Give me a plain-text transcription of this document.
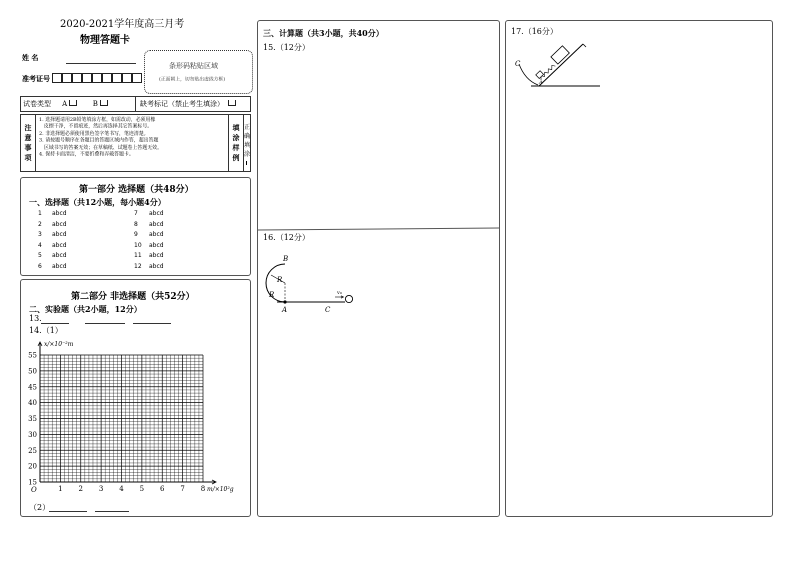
2020-2021学年度高三月考
物理答题卡
姓 名
准考证号
条形码粘贴区域
(正面朝上，切勿贴出虚线方框)
试卷类型 A	B	缺考标记（禁止考生填涂）
注意事项

1. 选择题请用2B铅笔填涂方框，如需改动，必须用橡
皮擦干净，不留痕迹，然后再选择其它答案标号。
2. 非选择题必须使用黑色签字笔书写，笔迹清楚。
3. 请按题号顺序在各题目的答题区域内作答，超出答题
区域书写的答案无效；在草稿纸、试题卷上答题无效。
4. 保持卡面清洁，不要折叠和弄破答题卡。

填涂样例

正确填涂
第一部分 选择题（共48分）
一、选择题（共12小题，每小题4分）
1 abcd
2 abcd
3 abcd
4 abcd
5 abcd
6 abcd
7 abcd
8 abcd
9 abcd
10 abcd
11 abcd
12 abcd
第二部分 非选择题（共52分）
二、实验题（共2小题，12分）
13.
14.（1）
（2）
15
20
25
30
35
40
45
50
55
1 2 3 4 5 6 7 8
O
x/×10⁻²m
m/×10²g
三、计算题（共3小题，共40分）
15.（12分）
16.（12分）
B
R
R
A	C
v₀
17.（16分）
C
A
